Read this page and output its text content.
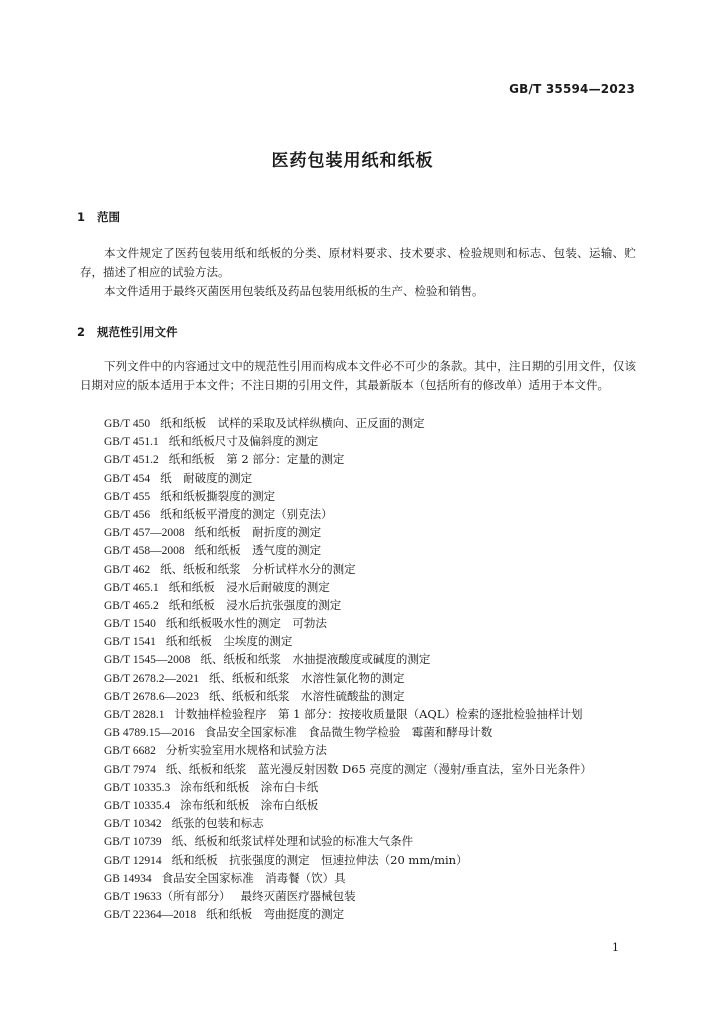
GB/T 35594—2023
医药包装用纸和纸板
1 范围

本文件规定了医药包装用纸和纸板的分类、原材料要求、技术要求、检验规则和标志、包装、运输、贮存，描述了相应的试验方法。

本文件适用于最终灭菌医用包装纸及药品包装用纸板的生产、检验和销售。

2 规范性引用文件

下列文件中的内容通过文中的规范性引用而构成本文件必不可少的条款。其中，注日期的引用文件，仅该日期对应的版本适用于本文件；不注日期的引用文件，其最新版本（包括所有的修改单）适用于本文件。

GB/T 450 纸和纸板　试样的采取及试样纵横向、正反面的测定
GB/T 451.1 纸和纸板尺寸及偏斜度的测定
GB/T 451.2 纸和纸板　第 2 部分：定量的测定
GB/T 454 纸　耐破度的测定
GB/T 455 纸和纸板撕裂度的测定
GB/T 456 纸和纸板平滑度的测定（别克法）
GB/T 457—2008 纸和纸板　耐折度的测定
GB/T 458—2008 纸和纸板　透气度的测定
GB/T 462 纸、纸板和纸浆　分析试样水分的测定
GB/T 465.1 纸和纸板　浸水后耐破度的测定
GB/T 465.2 纸和纸板　浸水后抗张强度的测定
GB/T 1540 纸和纸板吸水性的测定　可勃法
GB/T 1541 纸和纸板　尘埃度的测定
GB/T 1545—2008 纸、纸板和纸浆　水抽提液酸度或碱度的测定
GB/T 2678.2—2021 纸、纸板和纸浆　水溶性氯化物的测定
GB/T 2678.6—2023 纸、纸板和纸浆　水溶性硫酸盐的测定
GB/T 2828.1 计数抽样检验程序　第 1 部分：按接收质量限（AQL）检索的逐批检验抽样计划
GB 4789.15—2016 食品安全国家标准　食品微生物学检验　霉菌和酵母计数
GB/T 6682 分析实验室用水规格和试验方法
GB/T 7974 纸、纸板和纸浆　蓝光漫反射因数 D65 亮度的测定（漫射/垂直法，室外日光条件）
GB/T 10335.3 涂布纸和纸板　涂布白卡纸
GB/T 10335.4 涂布纸和纸板　涂布白纸板
GB/T 10342 纸张的包装和标志
GB/T 10739 纸、纸板和纸浆试样处理和试验的标准大气条件
GB/T 12914 纸和纸板　抗张强度的测定　恒速拉伸法（20 mm/min）
GB 14934 食品安全国家标准　消毒餐（饮）具
GB/T 19633（所有部分） 最终灭菌医疗器械包装
GB/T 22364—2018 纸和纸板　弯曲挺度的测定
1
